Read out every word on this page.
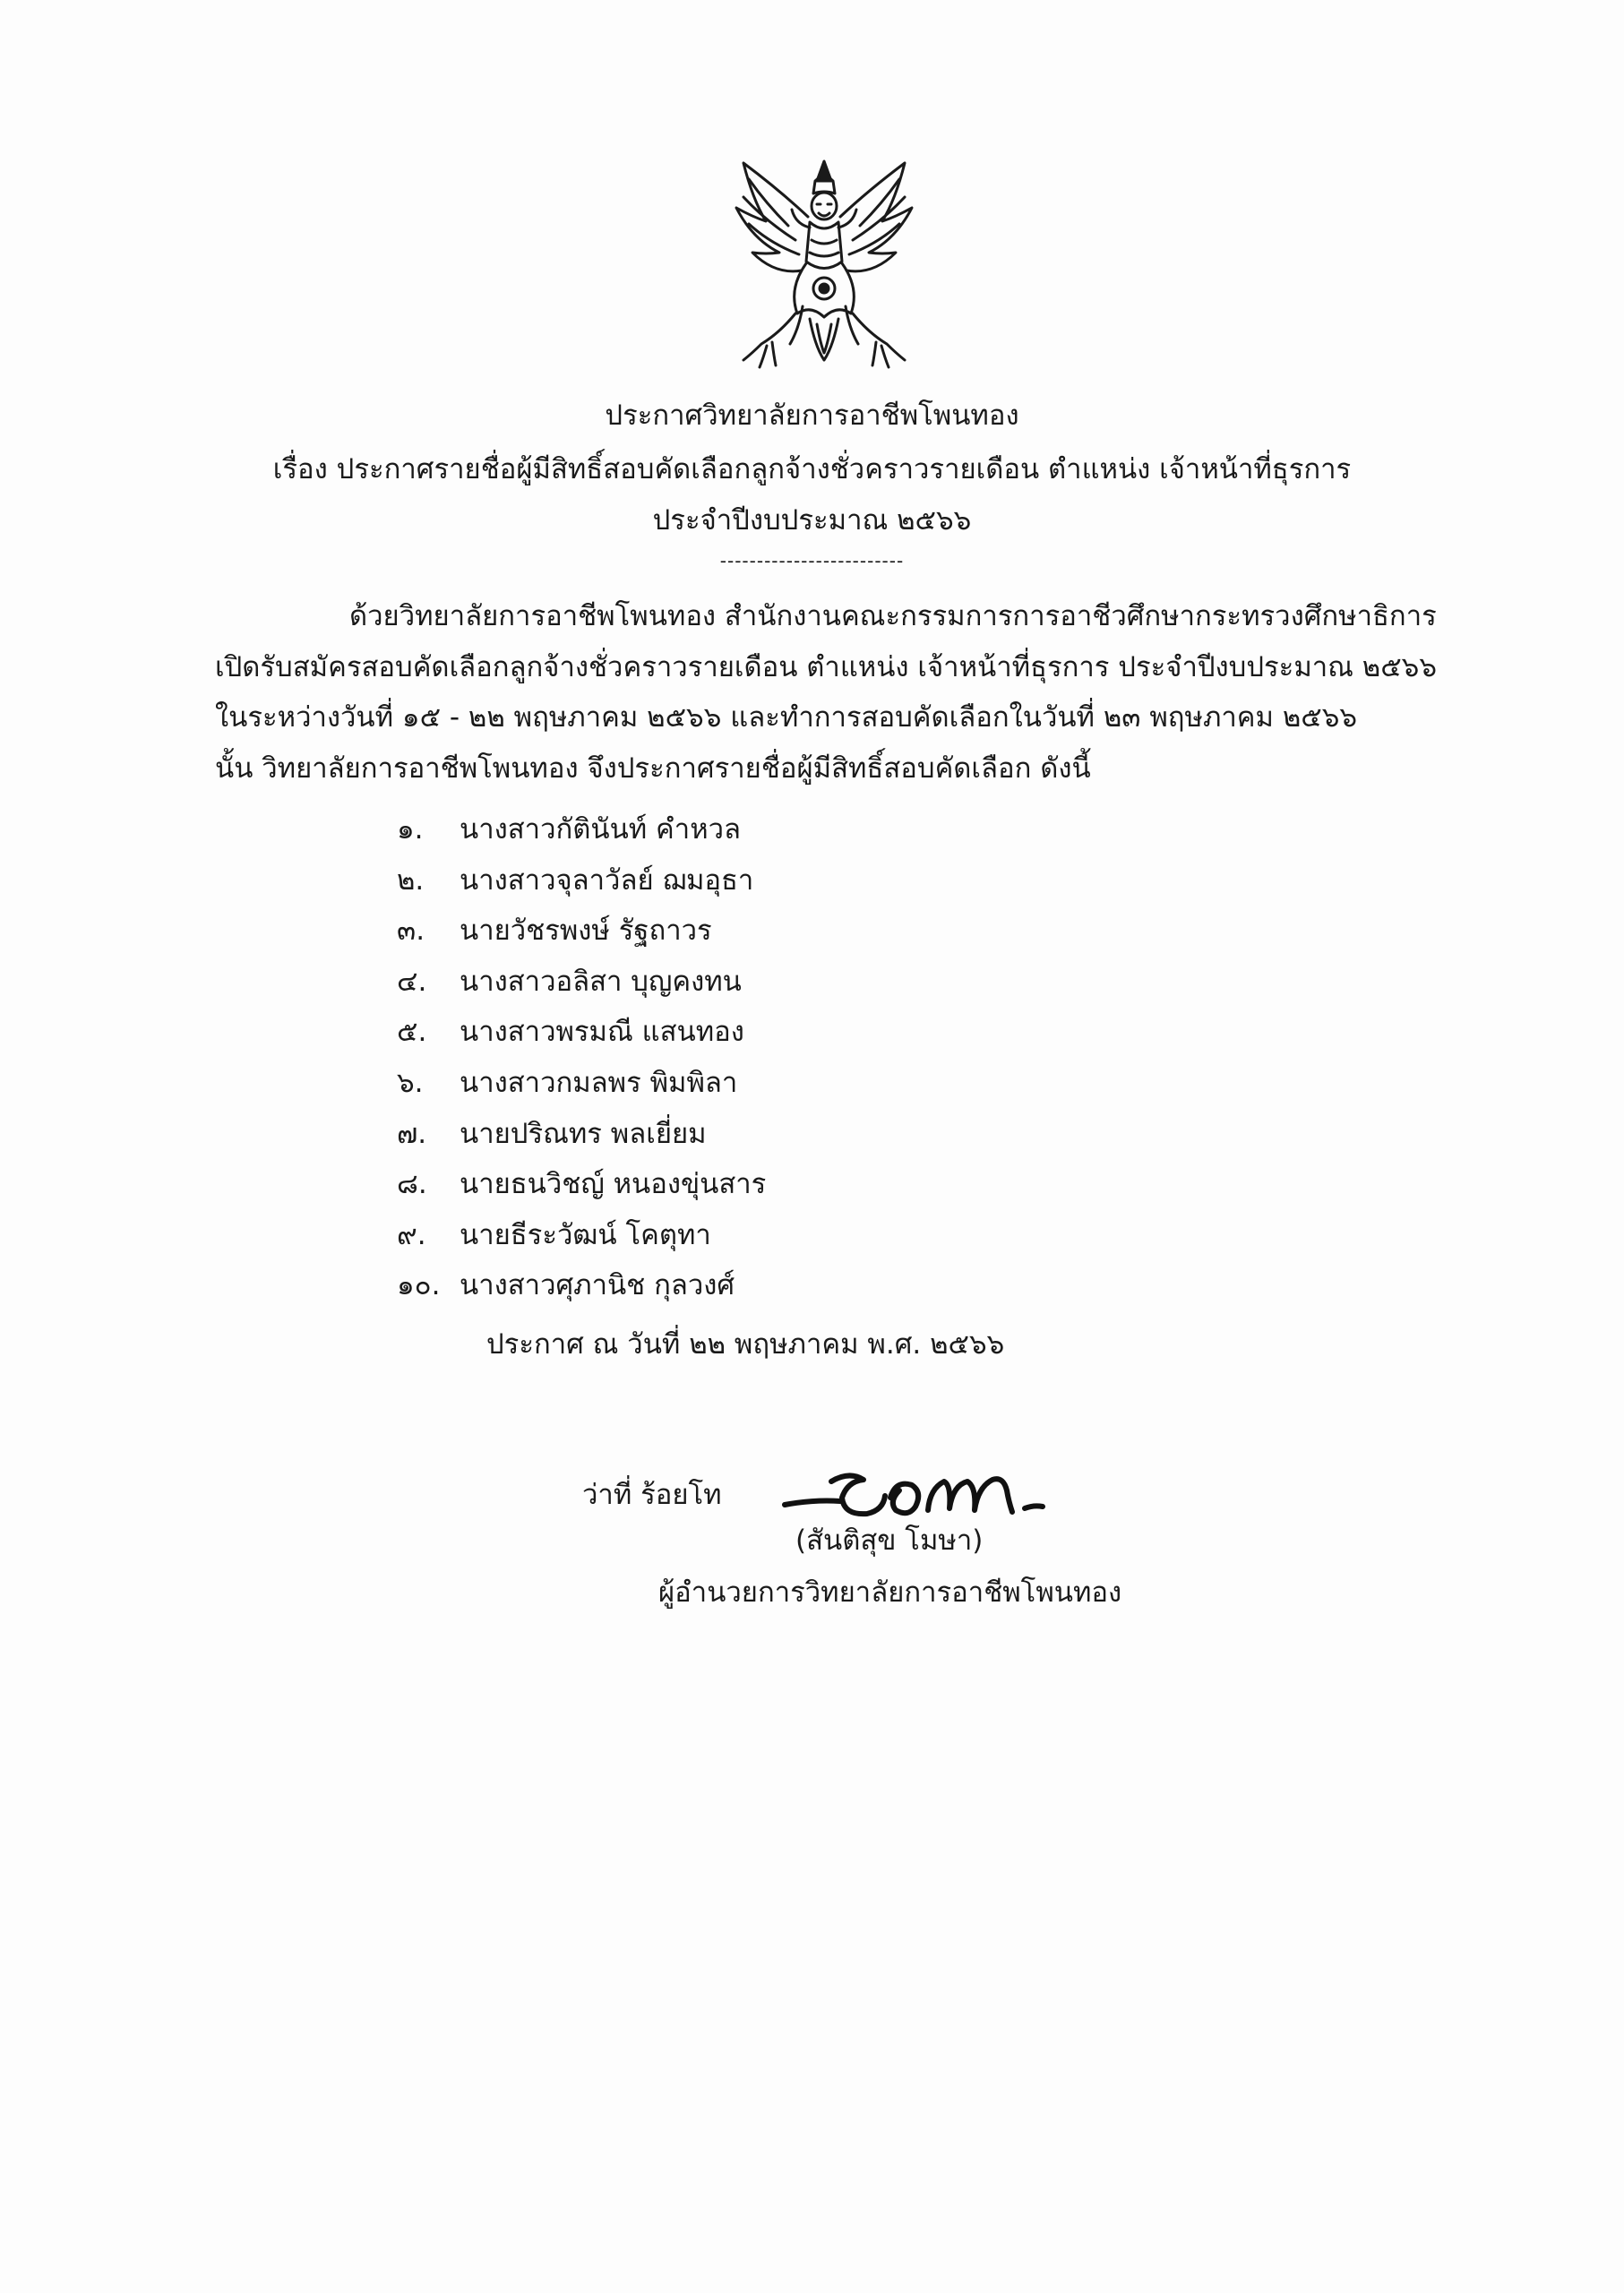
ประกาศวิทยาลัยการอาชีพโพนทอง
เรื่อง ประกาศรายชื่อผู้มีสิทธิ์สอบคัดเลือกลูกจ้างชั่วคราวรายเดือน ตำแหน่ง เจ้าหน้าที่ธุรการ
ประจำปีงบประมาณ ๒๕๖๖
-------------------------
ด้วยวิทยาลัยการอาชีพโพนทอง สำนักงานคณะกรรมการการอาชีวศึกษากระทรวงศึกษาธิการ
เปิดรับสมัครสอบคัดเลือกลูกจ้างชั่วคราวรายเดือน ตำแหน่ง เจ้าหน้าที่ธุรการ ประจำปีงบประมาณ ๒๕๖๖
ในระหว่างวันที่ ๑๕ - ๒๒ พฤษภาคม ๒๕๖๖ และทำการสอบคัดเลือกในวันที่ ๒๓ พฤษภาคม ๒๕๖๖
นั้น วิทยาลัยการอาชีพโพนทอง จึงประกาศรายชื่อผู้มีสิทธิ์สอบคัดเลือก ดังนี้
๑. นางสาวกัตินันท์ คำหวล
๒. นางสาวจุลาวัลย์ ฌมอุธา
๓. นายวัชรพงษ์ รัฐถาวร
๔. นางสาวอลิสา บุญคงทน
๕. นางสาวพรมณี แสนทอง
๖. นางสาวกมลพร พิมพิลา
๗. นายปริณทร พลเยี่ยม
๘. นายธนวิชญ์ หนองขุ่นสาร
๙. นายธีระวัฒน์ โคตุทา
๑๐. นางสาวศุภานิช กุลวงศ์
ประกาศ ณ วันที่ ๒๒ พฤษภาคม พ.ศ. ๒๕๖๖
ว่าที่ ร้อยโท
(สันติสุข โมษา)
ผู้อำนวยการวิทยาลัยการอาชีพโพนทอง
